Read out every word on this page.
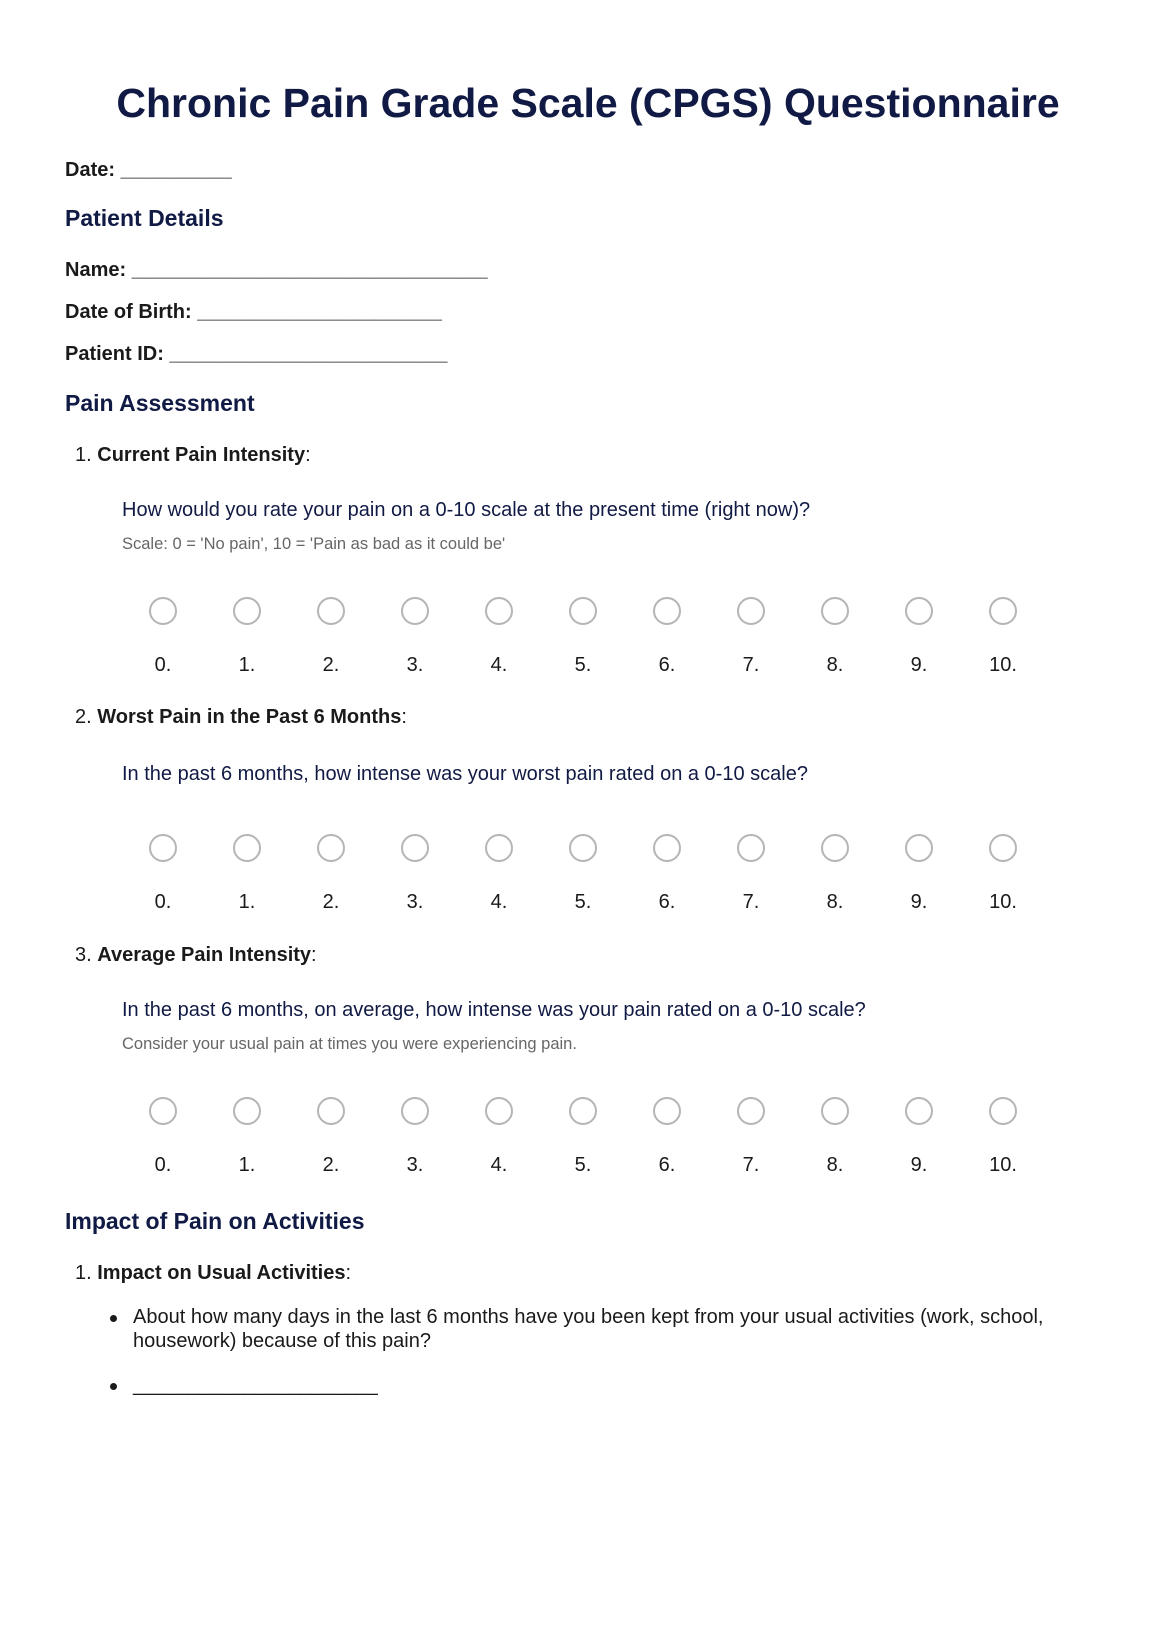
Chronic Pain Grade Scale (CPGS) Questionnaire
Date: __________
Patient Details
Name: ________________________________
Date of Birth: ______________________
Patient ID: _________________________
Pain Assessment
1. Current Pain Intensity:
How would you rate your pain on a 0-10 scale at the present time (right now)?
Scale: 0 = 'No pain', 10 = 'Pain as bad as it could be'
0.	1.	2.	3.	4.	5.	6.	7.	8.	9.	10.
2. Worst Pain in the Past 6 Months:
In the past 6 months, how intense was your worst pain rated on a 0-10 scale?
0.	1.	2.	3.	4.	5.	6.	7.	8.	9.	10.
3. Average Pain Intensity:
In the past 6 months, on average, how intense was your pain rated on a 0-10 scale?
Consider your usual pain at times you were experiencing pain.
0.	1.	2.	3.	4.	5.	6.	7.	8.	9.	10.
Impact of Pain on Activities
1. Impact on Usual Activities:
About how many days in the last 6 months have you been kept from your usual activities (work, school, housework) because of this pain?
______________________
